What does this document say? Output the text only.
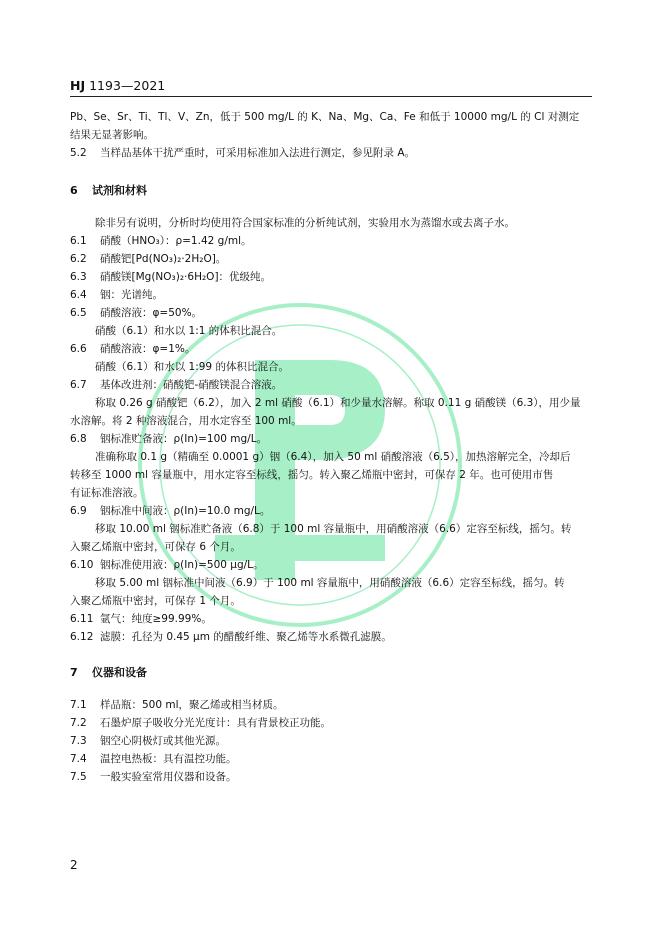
HJ 1193—2021
Pb、Se、Sr、Ti、Tl、V、Zn，低于 500 mg/L 的 K、Na、Mg、Ca、Fe 和低于 10000 mg/L 的 Cl 对测定
结果无显著影响。
5.2 当样品基体干扰严重时，可采用标准加入法进行测定，参见附录 A。
6 试剂和材料
除非另有说明，分析时均使用符合国家标准的分析纯试剂，实验用水为蒸馏水或去离子水。
6.1 硝酸（HNO₃）：ρ=1.42 g/ml。
6.2 硝酸钯[Pd(NO₃)₂·2H₂O]。
6.3 硝酸镁[Mg(NO₃)₂·6H₂O]：优级纯。
6.4 铟：光谱纯。
6.5 硝酸溶液：φ=50%。
硝酸（6.1）和水以 1:1 的体积比混合。
6.6 硝酸溶液：φ=1%。
硝酸（6.1）和水以 1:99 的体积比混合。
6.7 基体改进剂：硝酸钯-硝酸镁混合溶液。
称取 0.26 g 硝酸钯（6.2），加入 2 ml 硝酸（6.1）和少量水溶解。称取 0.11 g 硝酸镁（6.3），用少量
水溶解。将 2 种溶液混合，用水定容至 100 ml。
6.8 铟标准贮备液：ρ(In)=100 mg/L。
准确称取 0.1 g（精确至 0.0001 g）铟（6.4），加入 50 ml 硝酸溶液（6.5），加热溶解完全，冷却后
转移至 1000 ml 容量瓶中，用水定容至标线，摇匀。转入聚乙烯瓶中密封，可保存 2 年。也可使用市售
有证标准溶液。
6.9 铟标准中间液：ρ(In)=10.0 mg/L。
移取 10.00 ml 铟标准贮备液（6.8）于 100 ml 容量瓶中，用硝酸溶液（6.6）定容至标线，摇匀。转
入聚乙烯瓶中密封，可保存 6 个月。
6.10 铟标准使用液：ρ(In)=500 μg/L。
移取 5.00 ml 铟标准中间液（6.9）于 100 ml 容量瓶中，用硝酸溶液（6.6）定容至标线，摇匀。转
入聚乙烯瓶中密封，可保存 1 个月。
6.11 氩气：纯度≥99.99%。
6.12 滤膜：孔径为 0.45 μm 的醋酸纤维、聚乙烯等水系微孔滤膜。
7 仪器和设备
7.1 样品瓶：500 ml，聚乙烯或相当材质。
7.2 石墨炉原子吸收分光光度计：具有背景校正功能。
7.3 铟空心阴极灯或其他光源。
7.4 温控电热板：具有温控功能。
7.5 一般实验室常用仪器和设备。
2
